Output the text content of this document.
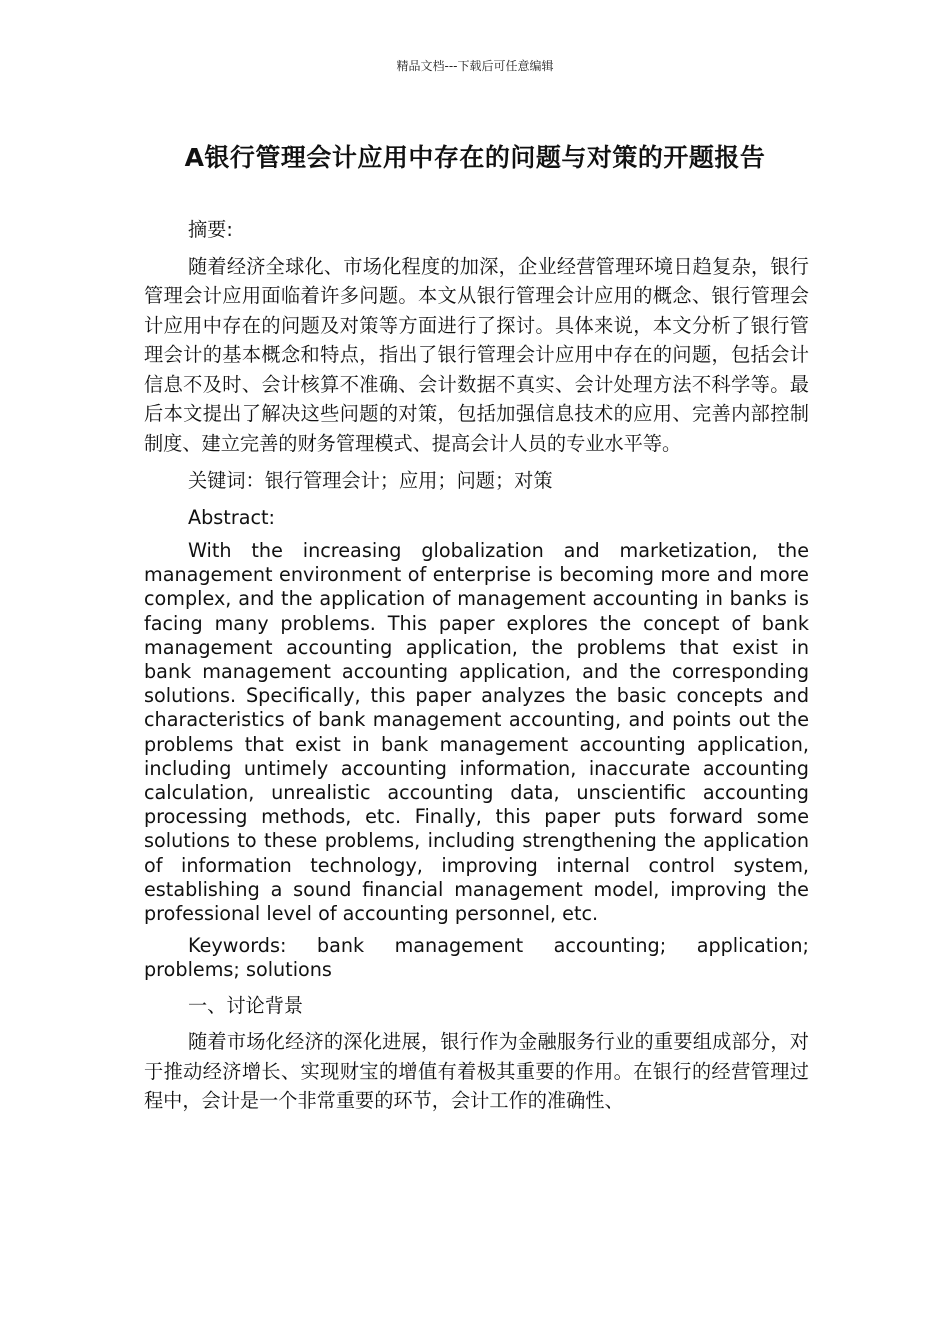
精品文档---下载后可任意编辑
A银行管理会计应用中存在的问题与对策的开题报告

摘要:

随着经济全球化、市场化程度的加深，企业经营管理环境日趋复杂，银行管理会计应用面临着许多问题。本文从银行管理会计应用的概念、银行管理会计应用中存在的问题及对策等方面进行了探讨。具体来说，本文分析了银行管理会计的基本概念和特点，指出了银行管理会计应用中存在的问题，包括会计信息不及时、会计核算不准确、会计数据不真实、会计处理方法不科学等。最后本文提出了解决这些问题的对策，包括加强信息技术的应用、完善内部控制制度、建立完善的财务管理模式、提高会计人员的专业水平等。

关键词：银行管理会计；应用；问题；对策

Abstract:

With the increasing globalization and marketization, the management environment of enterprise is becoming more and more complex, and the application of management accounting in banks is facing many problems. This paper explores the concept of bank management accounting application, the problems that exist in bank management accounting application, and the corresponding solutions. Specifically, this paper analyzes the basic concepts and characteristics of bank management accounting, and points out the problems that exist in bank management accounting application, including untimely accounting information, inaccurate accounting calculation, unrealistic accounting data, unscientific accounting processing methods, etc. Finally, this paper puts forward some solutions to these problems, including strengthening the application of information technology, improving internal control system, establishing a sound financial management model, improving the professional level of accounting personnel, etc.

Keywords: bank management accounting; application; problems; solutions

一、讨论背景

随着市场化经济的深化进展，银行作为金融服务行业的重要组成部分，对于推动经济增长、实现财宝的增值有着极其重要的作用。在银行的经营管理过程中，会计是一个非常重要的环节，会计工作的准确性、
